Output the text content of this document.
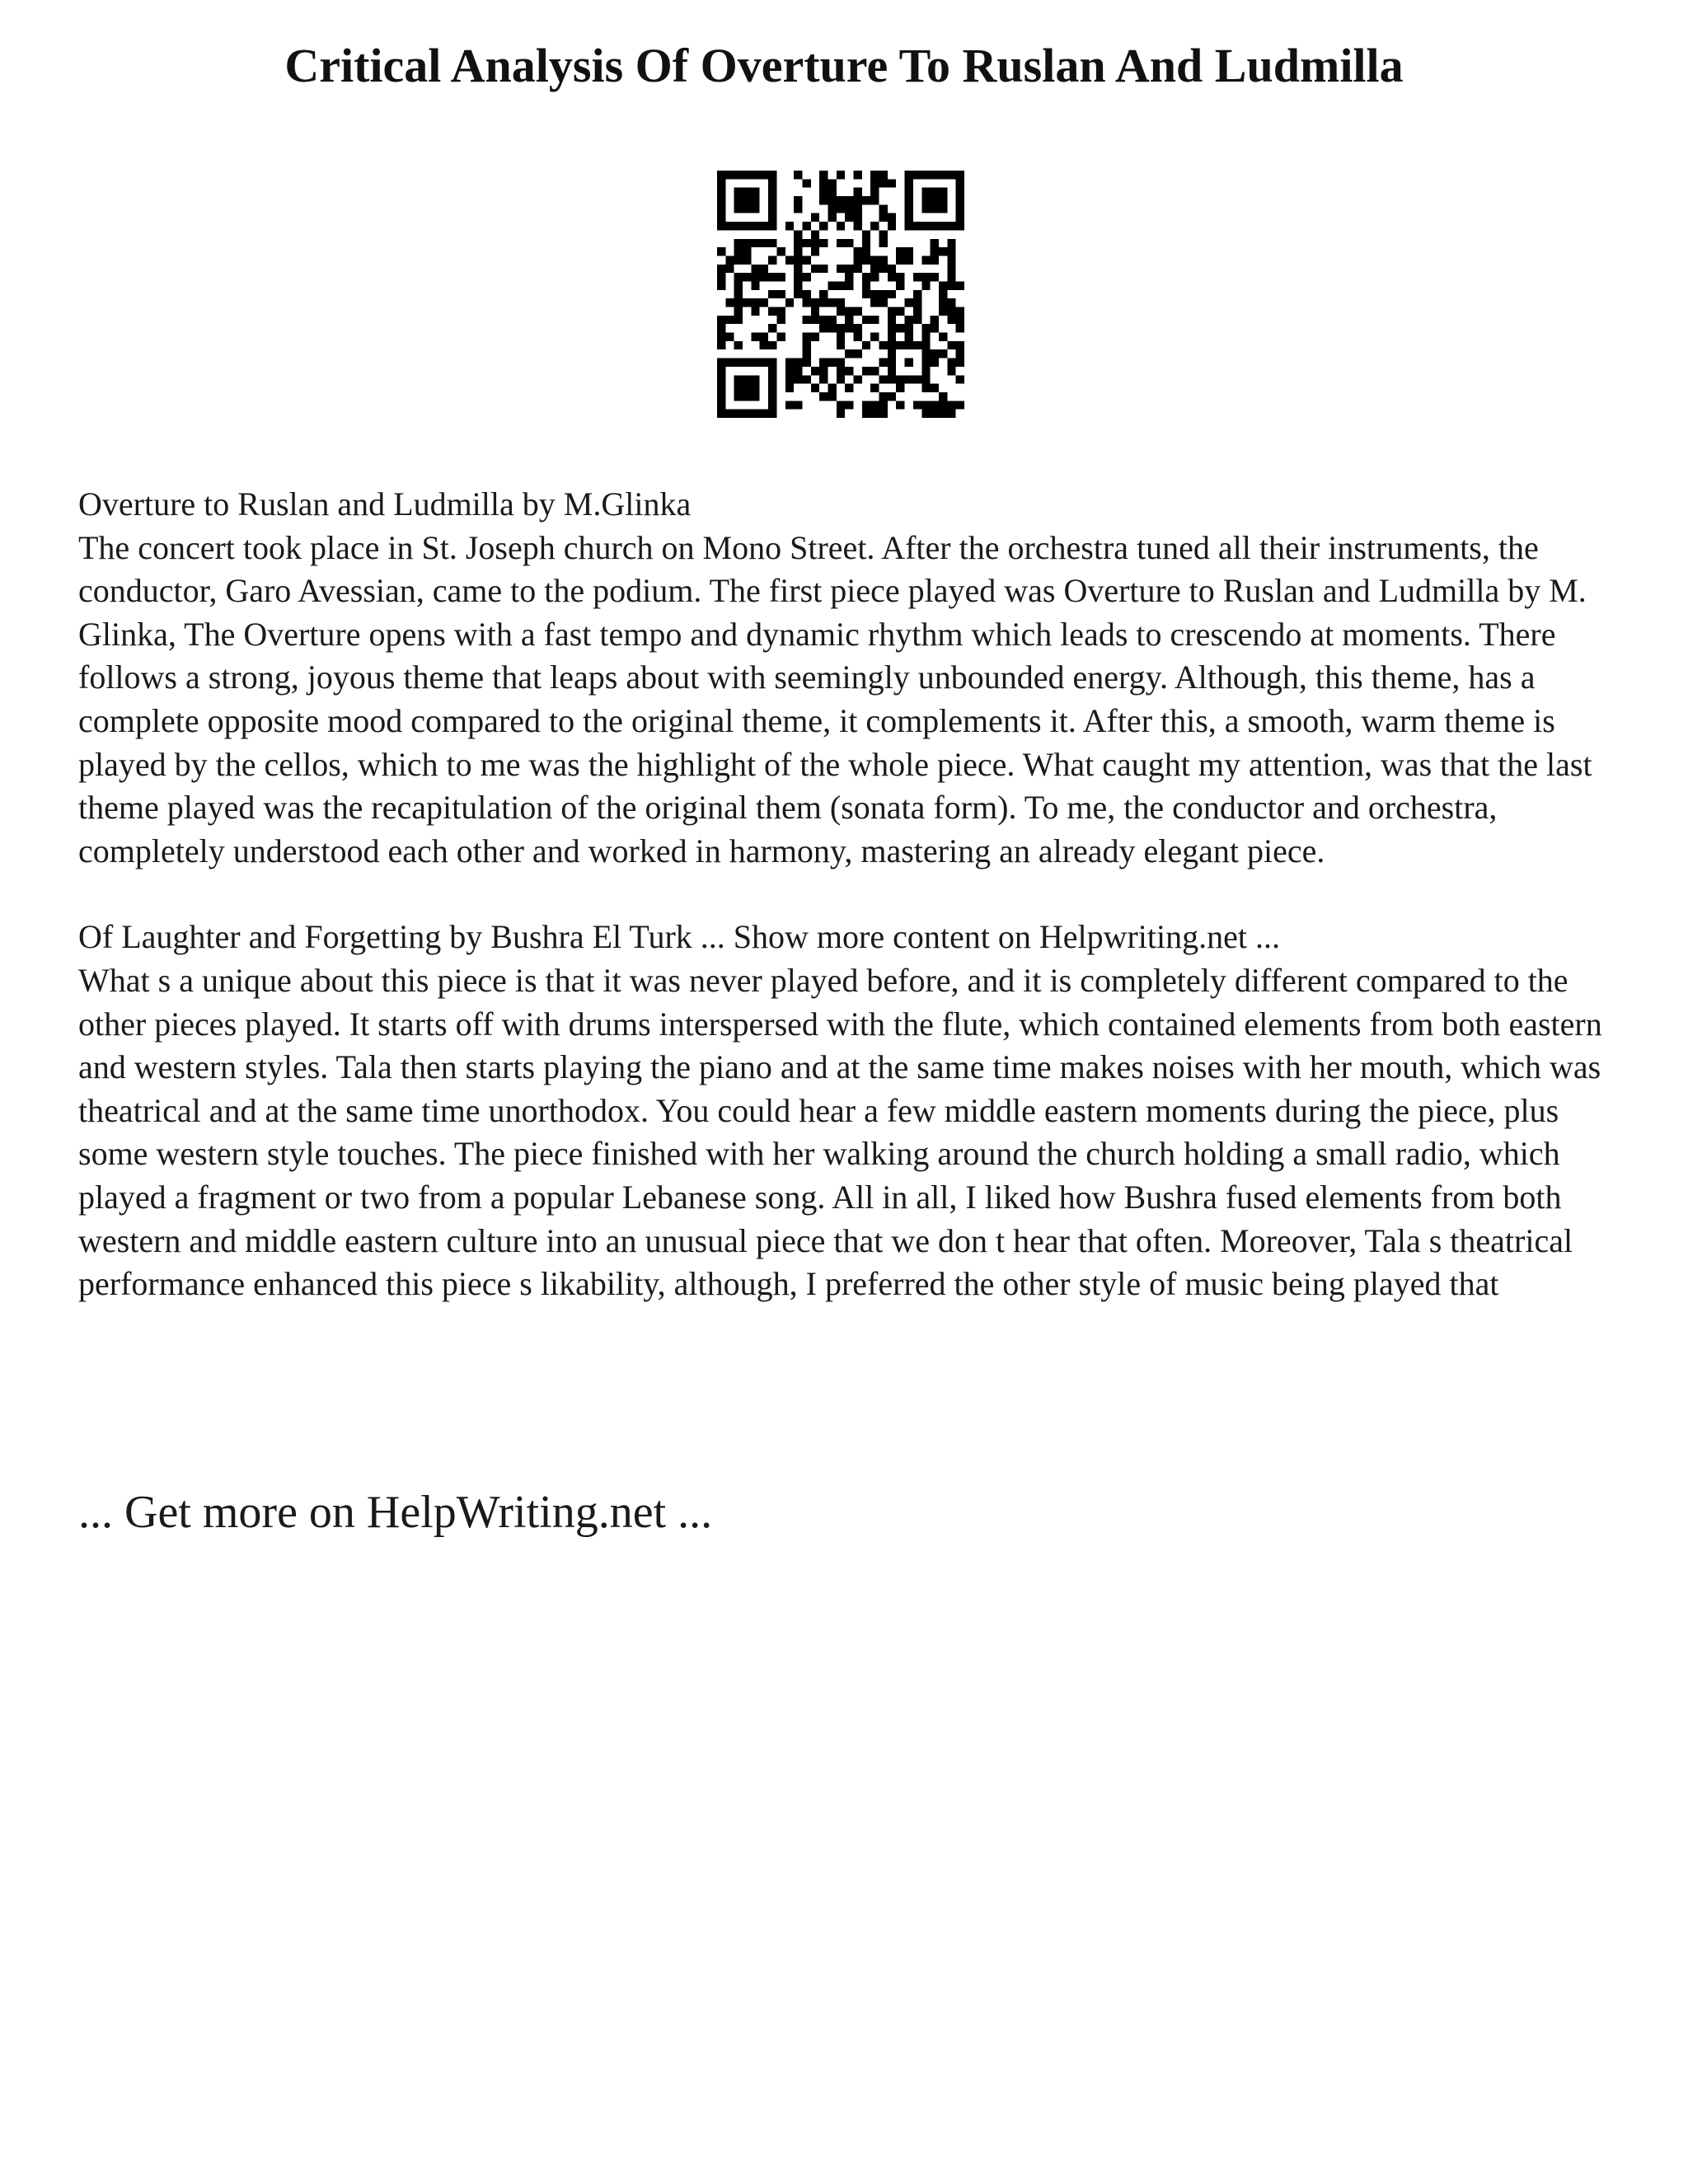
Critical Analysis Of Overture To Ruslan And Ludmilla

Overture to Ruslan and Ludmilla by M.Glinka

The concert took place in St. Joseph church on Mono Street. After the orchestra tuned all their instruments, the conductor, Garo Avessian, came to the podium. The first piece played was Overture to Ruslan and Ludmilla by M. Glinka, The Overture opens with a fast tempo and dynamic rhythm which leads to crescendo at moments. There follows a strong, joyous theme that leaps about with seemingly unbounded energy. Although, this theme, has a complete opposite mood compared to the original theme, it complements it. After this, a smooth, warm theme is played by the cellos, which to me was the highlight of the whole piece. What caught my attention, was that the last theme played was the recapitulation of the original them (sonata form). To me, the conductor and orchestra, completely understood each other and worked in harmony, mastering an already elegant piece.

Of Laughter and Forgetting by Bushra El Turk ... Show more content on Helpwriting.net ...

What s a unique about this piece is that it was never played before, and it is completely different compared to the other pieces played. It starts off with drums interspersed with the flute, which contained elements from both eastern and western styles. Tala then starts playing the piano and at the same time makes noises with her mouth, which was theatrical and at the same time unorthodox. You could hear a few middle eastern moments during the piece, plus some western style touches. The piece finished with her walking around the church holding a small radio, which played a fragment or two from a popular Lebanese song. All in all, I liked how Bushra fused elements from both western and middle eastern culture into an unusual piece that we don t hear that often. Moreover, Tala s theatrical performance enhanced this piece s likability, although, I preferred the other style of music being played that

... Get more on HelpWriting.net ...
